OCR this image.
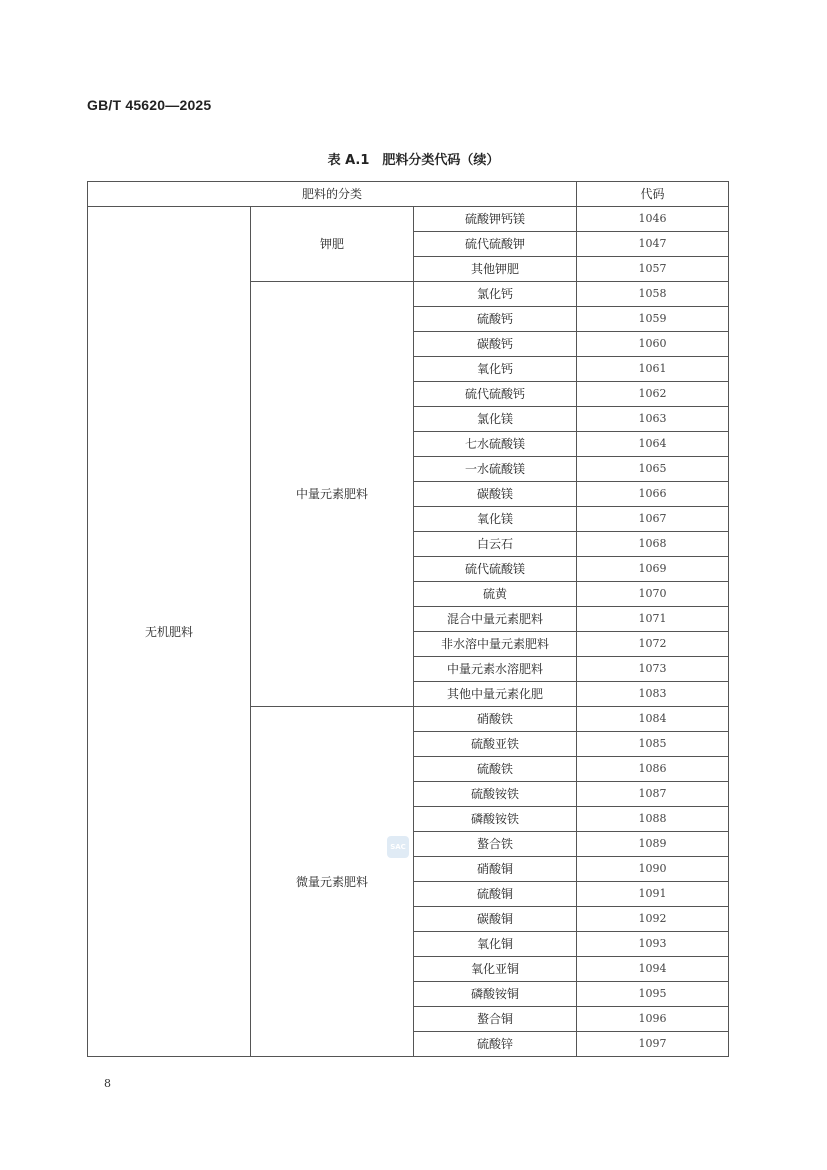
GB/T 45620—2025
表 A.1　肥料分类代码（续）
肥料的分类			代码
无机肥料	钾肥	硫酸钾钙镁	1046
		硫代硫酸钾	1047
		其他钾肥	1057
	中量元素肥料	氯化钙	1058
		硫酸钙	1059
		碳酸钙	1060
		氧化钙	1061
		硫代硫酸钙	1062
		氯化镁	1063
		七水硫酸镁	1064
		一水硫酸镁	1065
		碳酸镁	1066
		氧化镁	1067
		白云石	1068
		硫代硫酸镁	1069
		硫黄	1070
		混合中量元素肥料	1071
		非水溶中量元素肥料	1072
		中量元素水溶肥料	1073
		其他中量元素化肥	1083
	微量元素肥料	硝酸铁	1084
		硫酸亚铁	1085
		硫酸铁	1086
		硫酸铵铁	1087
		磷酸铵铁	1088
		螯合铁	1089
		硝酸铜	1090
		硫酸铜	1091
		碳酸铜	1092
		氧化铜	1093
		氧化亚铜	1094
		磷酸铵铜	1095
		螯合铜	1096
		硫酸锌	1097
SAC
8
